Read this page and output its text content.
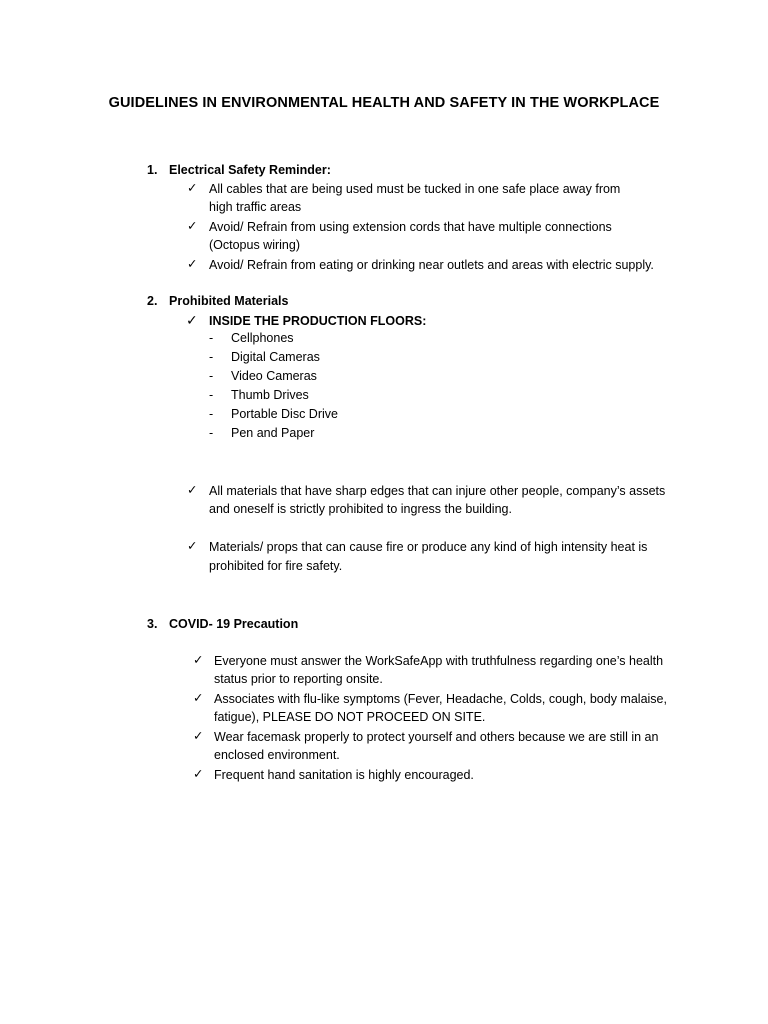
GUIDELINES IN ENVIRONMENTAL HEALTH AND SAFETY IN THE WORKPLACE
1. Electrical Safety Reminder:
✓ All cables that are being used must be tucked in one safe place away from
high traffic areas
✓ Avoid/ Refrain from using extension cords that have multiple connections
(Octopus wiring)
✓ Avoid/ Refrain from eating or drinking near outlets and areas with electric supply.
2. Prohibited Materials
✓ INSIDE THE PRODUCTION FLOORS:
- Cellphones
- Digital Cameras
- Video Cameras
- Thumb Drives
- Portable Disc Drive
- Pen and Paper
✓ All materials that have sharp edges that can injure other people, company’s assets
and oneself is strictly prohibited to ingress the building.
✓ Materials/ props that can cause fire or produce any kind of high intensity heat is
prohibited for fire safety.
3. COVID- 19 Precaution
✓ Everyone must answer the WorkSafeApp with truthfulness regarding one’s health
status prior to reporting onsite.
✓ Associates with flu-like symptoms (Fever, Headache, Colds, cough, body malaise,
fatigue), PLEASE DO NOT PROCEED ON SITE.
✓ Wear facemask properly to protect yourself and others because we are still in an
enclosed environment.
✓ Frequent hand sanitation is highly encouraged.
